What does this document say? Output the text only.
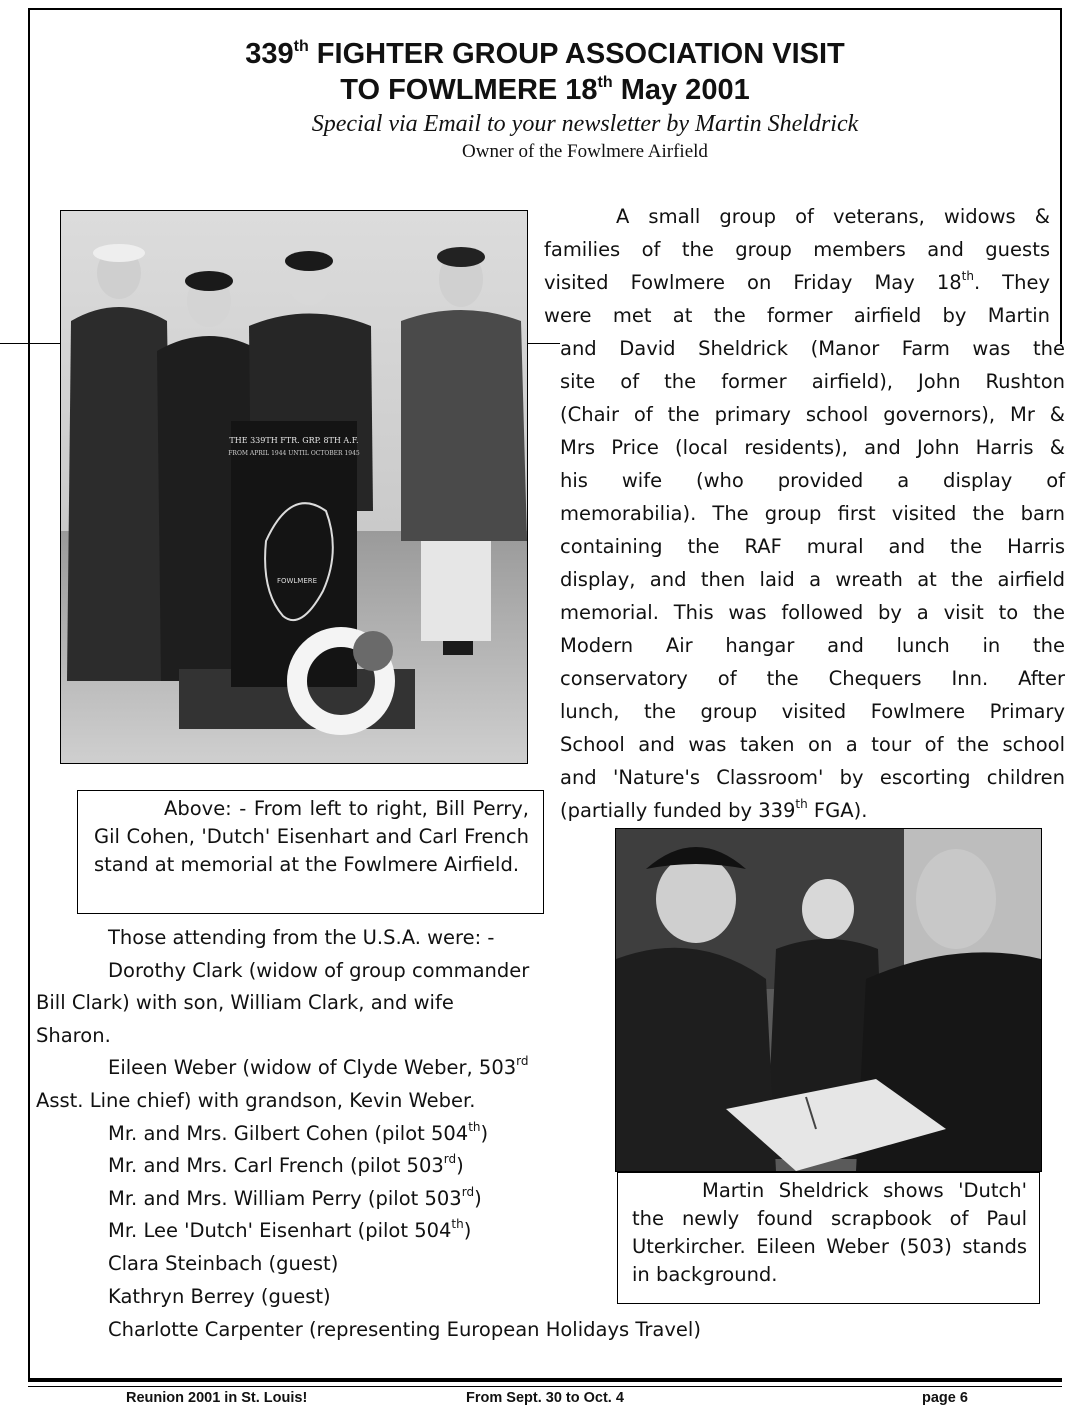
339th FIGHTER GROUP ASSOCIATION VISIT
TO FOWLMERE 18th May 2001
Special via Email to your newsletter by Martin Sheldrick
Owner of the Fowlmere Airfield

A small group of veterans, widows &

families of the group members and guests

visited Fowlmere on Friday May 18th. They

were met at the former airfield by Martin

and David Sheldrick (Manor Farm was the

site of the former airfield), John Rushton

(Chair of the primary school governors), Mr &

Mrs Price (local residents), and John Harris &

his wife (who provided a display of

memorabilia). The group first visited the barn

containing the RAF mural and the Harris

display, and then laid a wreath at the airfield

memorial. This was followed by a visit to the

Modern Air hangar and lunch in the

conservatory of the Chequers Inn. After

lunch, the group visited Fowlmere Primary

School and was taken on a tour of the school

and 'Nature's Classroom' by escorting children

(partially funded by 339th FGA).

THE 339TH FTR. GRP. 8TH A.F.
FROM APRIL 1944 UNTIL OCTOBER 1945
FOWLMERE
Above: - From left to right, Bill Perry, Gil Cohen, 'Dutch' Eisenhart and Carl French stand at memorial at the Fowlmere Airfield.
Martin Sheldrick shows 'Dutch' the newly found scrapbook of Paul Uterkircher. Eileen Weber (503) stands in background.
Those attending from the U.S.A. were: -
Dorothy Clark (widow of group commander
Bill Clark) with son, William Clark, and wife
Sharon.
Eileen Weber (widow of Clyde Weber, 503rd
Asst. Line chief) with grandson, Kevin Weber.
Mr. and Mrs. Gilbert Cohen (pilot 504th)
Mr. and Mrs. Carl French (pilot 503rd)
Mr. and Mrs. William Perry (pilot 503rd)
Mr. Lee 'Dutch' Eisenhart (pilot 504th)
Clara Steinbach (guest)
Kathryn Berrey (guest)
Charlotte Carpenter (representing European Holidays Travel)
Reunion 2001 in St. Louis!	From Sept. 30 to Oct. 4	page 6
